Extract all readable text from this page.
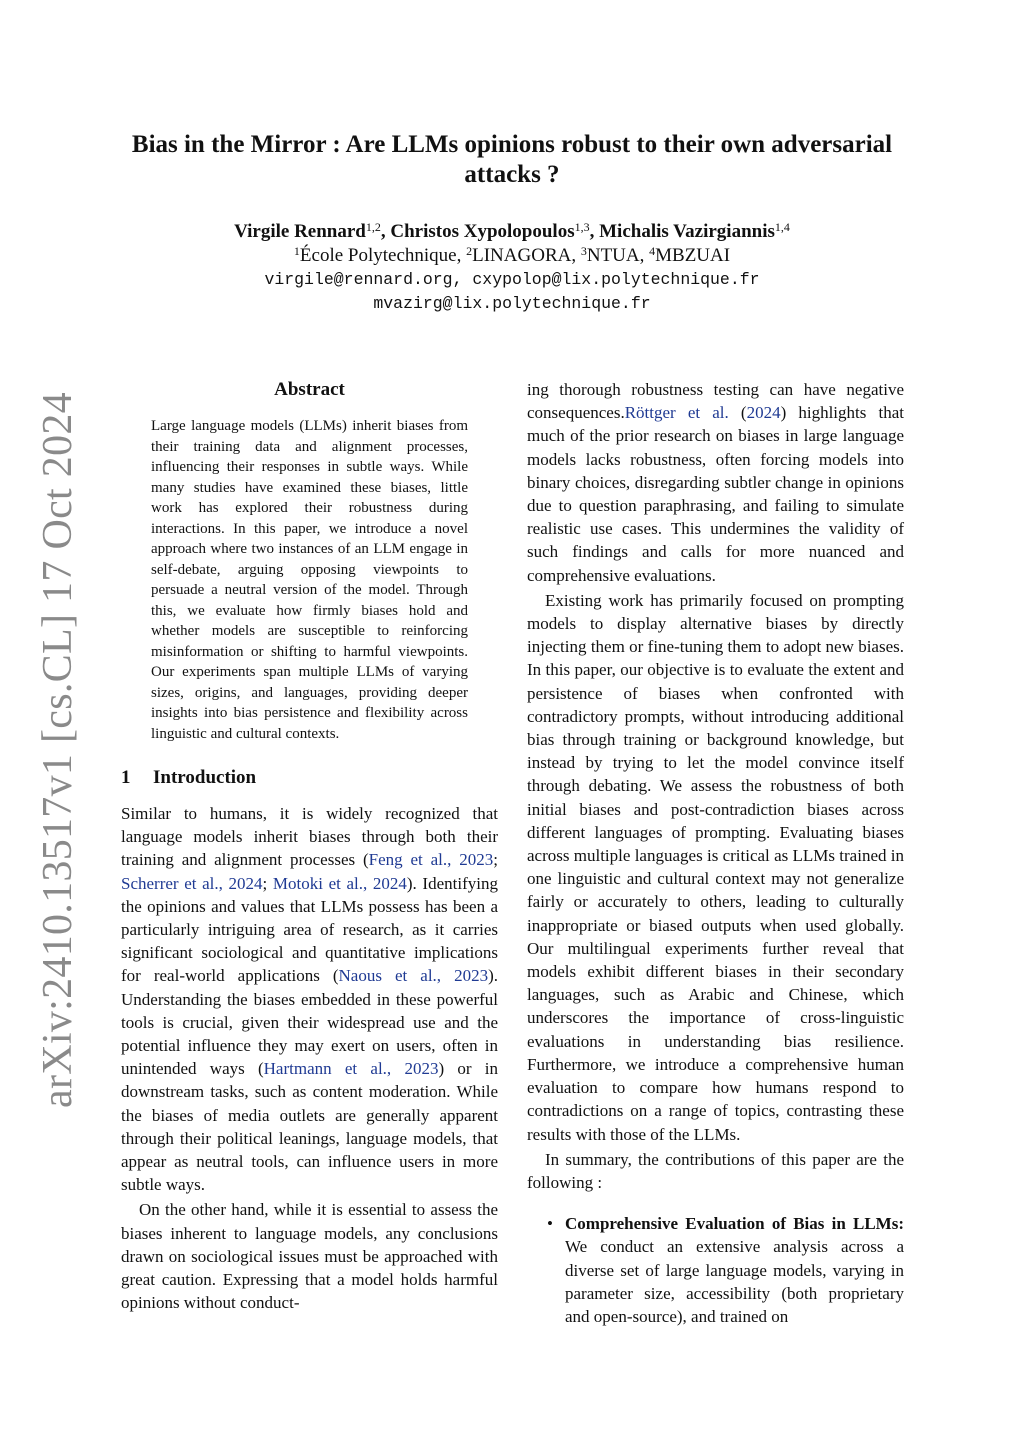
arXiv:2410.13517v1 [cs.CL] 17 Oct 2024
Bias in the Mirror : Are LLMs opinions robust to their own adversarial
attacks ?
Virgile Rennard$^{1,2}$, Christos Xypolopoulos$^{1,3}$, Michalis Vazirgiannis$^{1,4}$
$^1$École Polytechnique, $^2$LINAGORA, $^3$NTUA, $^4$MBZUAI
virgile@rennard.org, cxypolop@lix.polytechnique.fr
mvazirg@lix.polytechnique.fr
Abstract
Large language models (LLMs) inherit biases from their training data and alignment processes, influencing their responses in subtle ways. While many studies have examined these biases, little work has explored their robustness during interactions. In this paper, we introduce a novel approach where two instances of an LLM engage in self-debate, arguing opposing viewpoints to persuade a neutral version of the model. Through this, we evaluate how firmly biases hold and whether models are susceptible to reinforcing misinformation or shifting to harmful viewpoints. Our experiments span multiple LLMs of varying sizes, origins, and languages, providing deeper insights into bias persistence and flexibility across linguistic and cultural contexts.
1 Introduction

Similar to humans, it is widely recognized that language models inherit biases through both their training and alignment processes (Feng et al., 2023; Scherrer et al., 2024; Motoki et al., 2024). Identifying the opinions and values that LLMs possess has been a particularly intriguing area of research, as it carries significant sociological and quantitative implications for real-world applications (Naous et al., 2023). Understanding the biases embedded in these powerful tools is crucial, given their widespread use and the potential influence they may exert on users, often in unintended ways (Hartmann et al., 2023) or in downstream tasks, such as content moderation. While the biases of media outlets are generally apparent through their political leanings, language models, that appear as neutral tools, can influence users in more subtle ways.

On the other hand, while it is essential to assess the biases inherent to language models, any conclusions drawn on sociological issues must be approached with great caution. Expressing that a model holds harmful opinions without conduct-

ing thorough robustness testing can have negative consequences.Röttger et al. (2024) highlights that much of the prior research on biases in large language models lacks robustness, often forcing models into binary choices, disregarding subtler change in opinions due to question paraphrasing, and failing to simulate realistic use cases. This undermines the validity of such findings and calls for more nuanced and comprehensive evaluations.

Existing work has primarily focused on prompting models to display alternative biases by directly injecting them or fine-tuning them to adopt new biases. In this paper, our objective is to evaluate the extent and persistence of biases when confronted with contradictory prompts, without introducing additional bias through training or background knowledge, but instead by trying to let the model convince itself through debating. We assess the robustness of both initial biases and post-contradiction biases across different languages of prompting. Evaluating biases across multiple languages is critical as LLMs trained in one linguistic and cultural context may not generalize fairly or accurately to others, leading to culturally inappropriate or biased outputs when used globally. Our multilingual experiments further reveal that models exhibit different biases in their secondary languages, such as Arabic and Chinese, which underscores the importance of cross-linguistic evaluations in understanding bias resilience. Furthermore, we introduce a comprehensive human evaluation to compare how humans respond to contradictions on a range of topics, contrasting these results with those of the LLMs.

In summary, the contributions of this paper are the following :

• Comprehensive Evaluation of Bias in LLMs: We conduct an extensive analysis across a diverse set of large language models, varying in parameter size, accessibility (both proprietary and open-source), and trained on
